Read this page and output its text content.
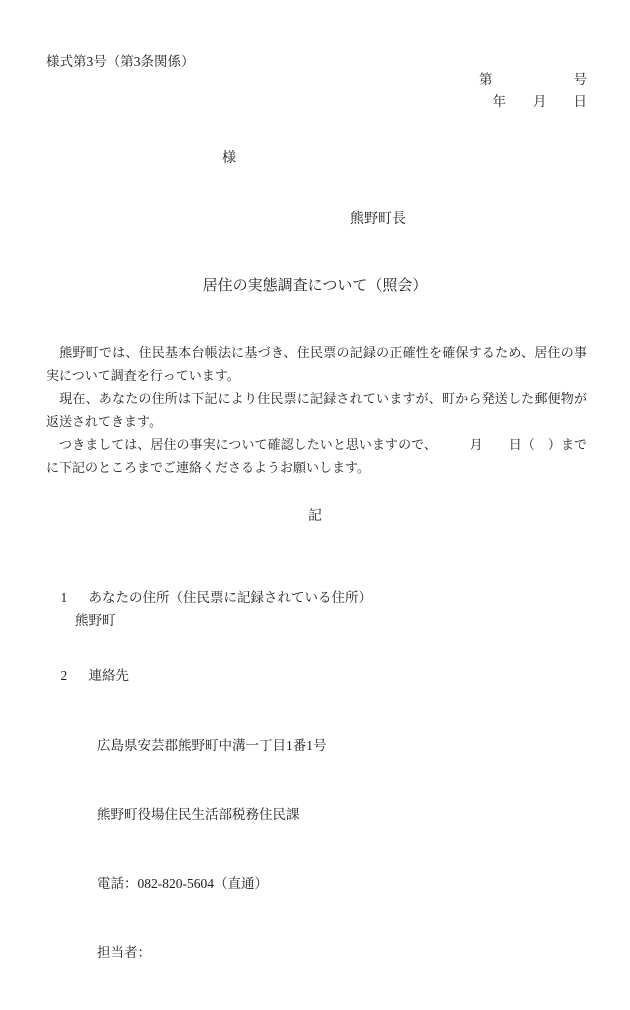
様式第3号（第3条関係）
第　　　　　　号
年　　月　　日
様
熊野町長
居住の実態調査について（照会）

　熊野町では、住民基本台帳法に基づき、住民票の記録の正確性を確保するため、居住の事実について調査を行っています。

　現在、あなたの住所は下記により住民票に記録されていますが、町から発送した郵便物が返送されてきます。

　つきましては、居住の事実について確認したいと思いますので、　　　月　　日（　）までに下記のところまでご連絡くださるようお願いします。

記

1 あなたの住所（住民票に記録されている住所）

熊野町

2 連絡先

広島県安芸郡熊野町中溝一丁目1番1号

熊野町役場住民生活部税務住民課

電話：082-820-5604（直通）

担当者：
